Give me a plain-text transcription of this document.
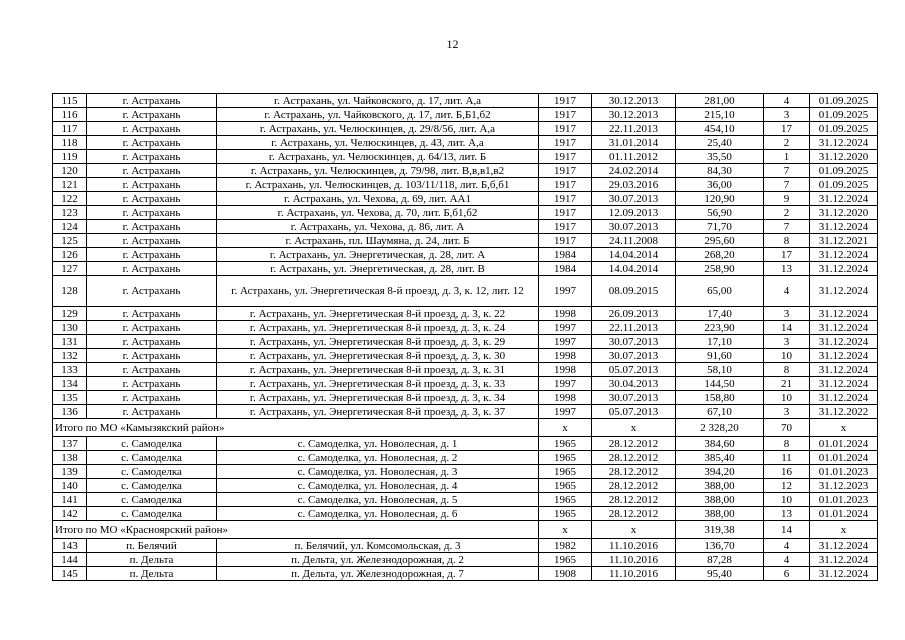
12
115	г. Астрахань	г. Астрахань, ул. Чайковского, д. 17, лит. А,а	1917	30.12.2013	281,00	4	01.09.2025
116	г. Астрахань	г. Астрахань, ул. Чайковского, д. 17, лит. Б,Б1,б2	1917	30.12.2013	215,10	3	01.09.2025
117	г. Астрахань	г. Астрахань, ул. Челюскинцев, д. 29/8/56, лит. А,а	1917	22.11.2013	454,10	17	01.09.2025
118	г. Астрахань	г. Астрахань, ул. Челюскинцев, д. 43, лит. А,а	1917	31.01.2014	25,40	2	31.12.2024
119	г. Астрахань	г. Астрахань, ул. Челюскинцев, д. 64/13, лит. Б	1917	01.11.2012	35,50	1	31.12.2020
120	г. Астрахань	г. Астрахань, ул. Челюскинцев, д. 79/98, лит. В,в,в1,в2	1917	24.02.2014	84,30	7	01.09.2025
121	г. Астрахань	г. Астрахань, ул. Челюскинцев, д. 103/11/118, лит. Б,б,б1	1917	29.03.2016	36,00	7	01.09.2025
122	г. Астрахань	г. Астрахань, ул. Чехова, д. 69, лит. АА1	1917	30.07.2013	120,90	9	31.12.2024
123	г. Астрахань	г. Астрахань, ул. Чехова, д. 70, лит. Б,б1,б2	1917	12.09.2013	56,90	2	31.12.2020
124	г. Астрахань	г. Астрахань, ул. Чехова, д. 86, лит. А	1917	30.07.2013	71,70	7	31.12.2024
125	г. Астрахань	г. Астрахань, пл. Шаумяна, д. 24, лит. Б	1917	24.11.2008	295,60	8	31.12.2021
126	г. Астрахань	г. Астрахань, ул. Энергетическая, д. 28, лит. А	1984	14.04.2014	268,20	17	31.12.2024
127	г. Астрахань	г. Астрахань, ул. Энергетическая, д. 28, лит. В	1984	14.04.2014	258,90	13	31.12.2024
128	г. Астрахань	г. Астрахань, ул. Энергетическая 8-й проезд, д. 3, к. 12, лит. 12	1997	08.09.2015	65,00	4	31.12.2024
129	г. Астрахань	г. Астрахань, ул. Энергетическая 8-й проезд, д. 3, к. 22	1998	26.09.2013	17,40	3	31.12.2024
130	г. Астрахань	г. Астрахань, ул. Энергетическая 8-й проезд, д. 3, к. 24	1997	22.11.2013	223,90	14	31.12.2024
131	г. Астрахань	г. Астрахань, ул. Энергетическая 8-й проезд, д. 3, к. 29	1997	30.07.2013	17,10	3	31.12.2024
132	г. Астрахань	г. Астрахань, ул. Энергетическая 8-й проезд, д. 3, к. 30	1998	30.07.2013	91,60	10	31.12.2024
133	г. Астрахань	г. Астрахань, ул. Энергетическая 8-й проезд, д. 3, к. 31	1998	05.07.2013	58,10	8	31.12.2024
134	г. Астрахань	г. Астрахань, ул. Энергетическая 8-й проезд, д. 3, к. 33	1997	30.04.2013	144,50	21	31.12.2024
135	г. Астрахань	г. Астрахань, ул. Энергетическая 8-й проезд, д. 3, к. 34	1998	30.07.2013	158,80	10	31.12.2024
136	г. Астрахань	г. Астрахань, ул. Энергетическая 8-й проезд, д. 3, к. 37	1997	05.07.2013	67,10	3	31.12.2022
Итого по МО «Камызякский район»			x	x	2 328,20	70	x
137	с. Самоделка	с. Самоделка, ул. Новолесная, д. 1	1965	28.12.2012	384,60	8	01.01.2024
138	с. Самоделка	с. Самоделка, ул. Новолесная, д. 2	1965	28.12.2012	385,40	11	01.01.2024
139	с. Самоделка	с. Самоделка, ул. Новолесная, д. 3	1965	28.12.2012	394,20	16	01.01.2023
140	с. Самоделка	с. Самоделка, ул. Новолесная, д. 4	1965	28.12.2012	388,00	12	31.12.2023
141	с. Самоделка	с. Самоделка, ул. Новолесная, д. 5	1965	28.12.2012	388,00	10	01.01.2023
142	с. Самоделка	с. Самоделка, ул. Новолесная, д. 6	1965	28.12.2012	388,00	13	01.01.2024
Итого по МО «Красноярский район»			x	x	319,38	14	x
143	п. Белячий	п. Белячий, ул. Комсомольская, д. 3	1982	11.10.2016	136,70	4	31.12.2024
144	п. Дельта	п. Дельта, ул. Железнодорожная, д. 2	1965	11.10.2016	87,28	4	31.12.2024
145	п. Дельта	п. Дельта, ул. Железнодорожная, д. 7	1908	11.10.2016	95,40	6	31.12.2024
